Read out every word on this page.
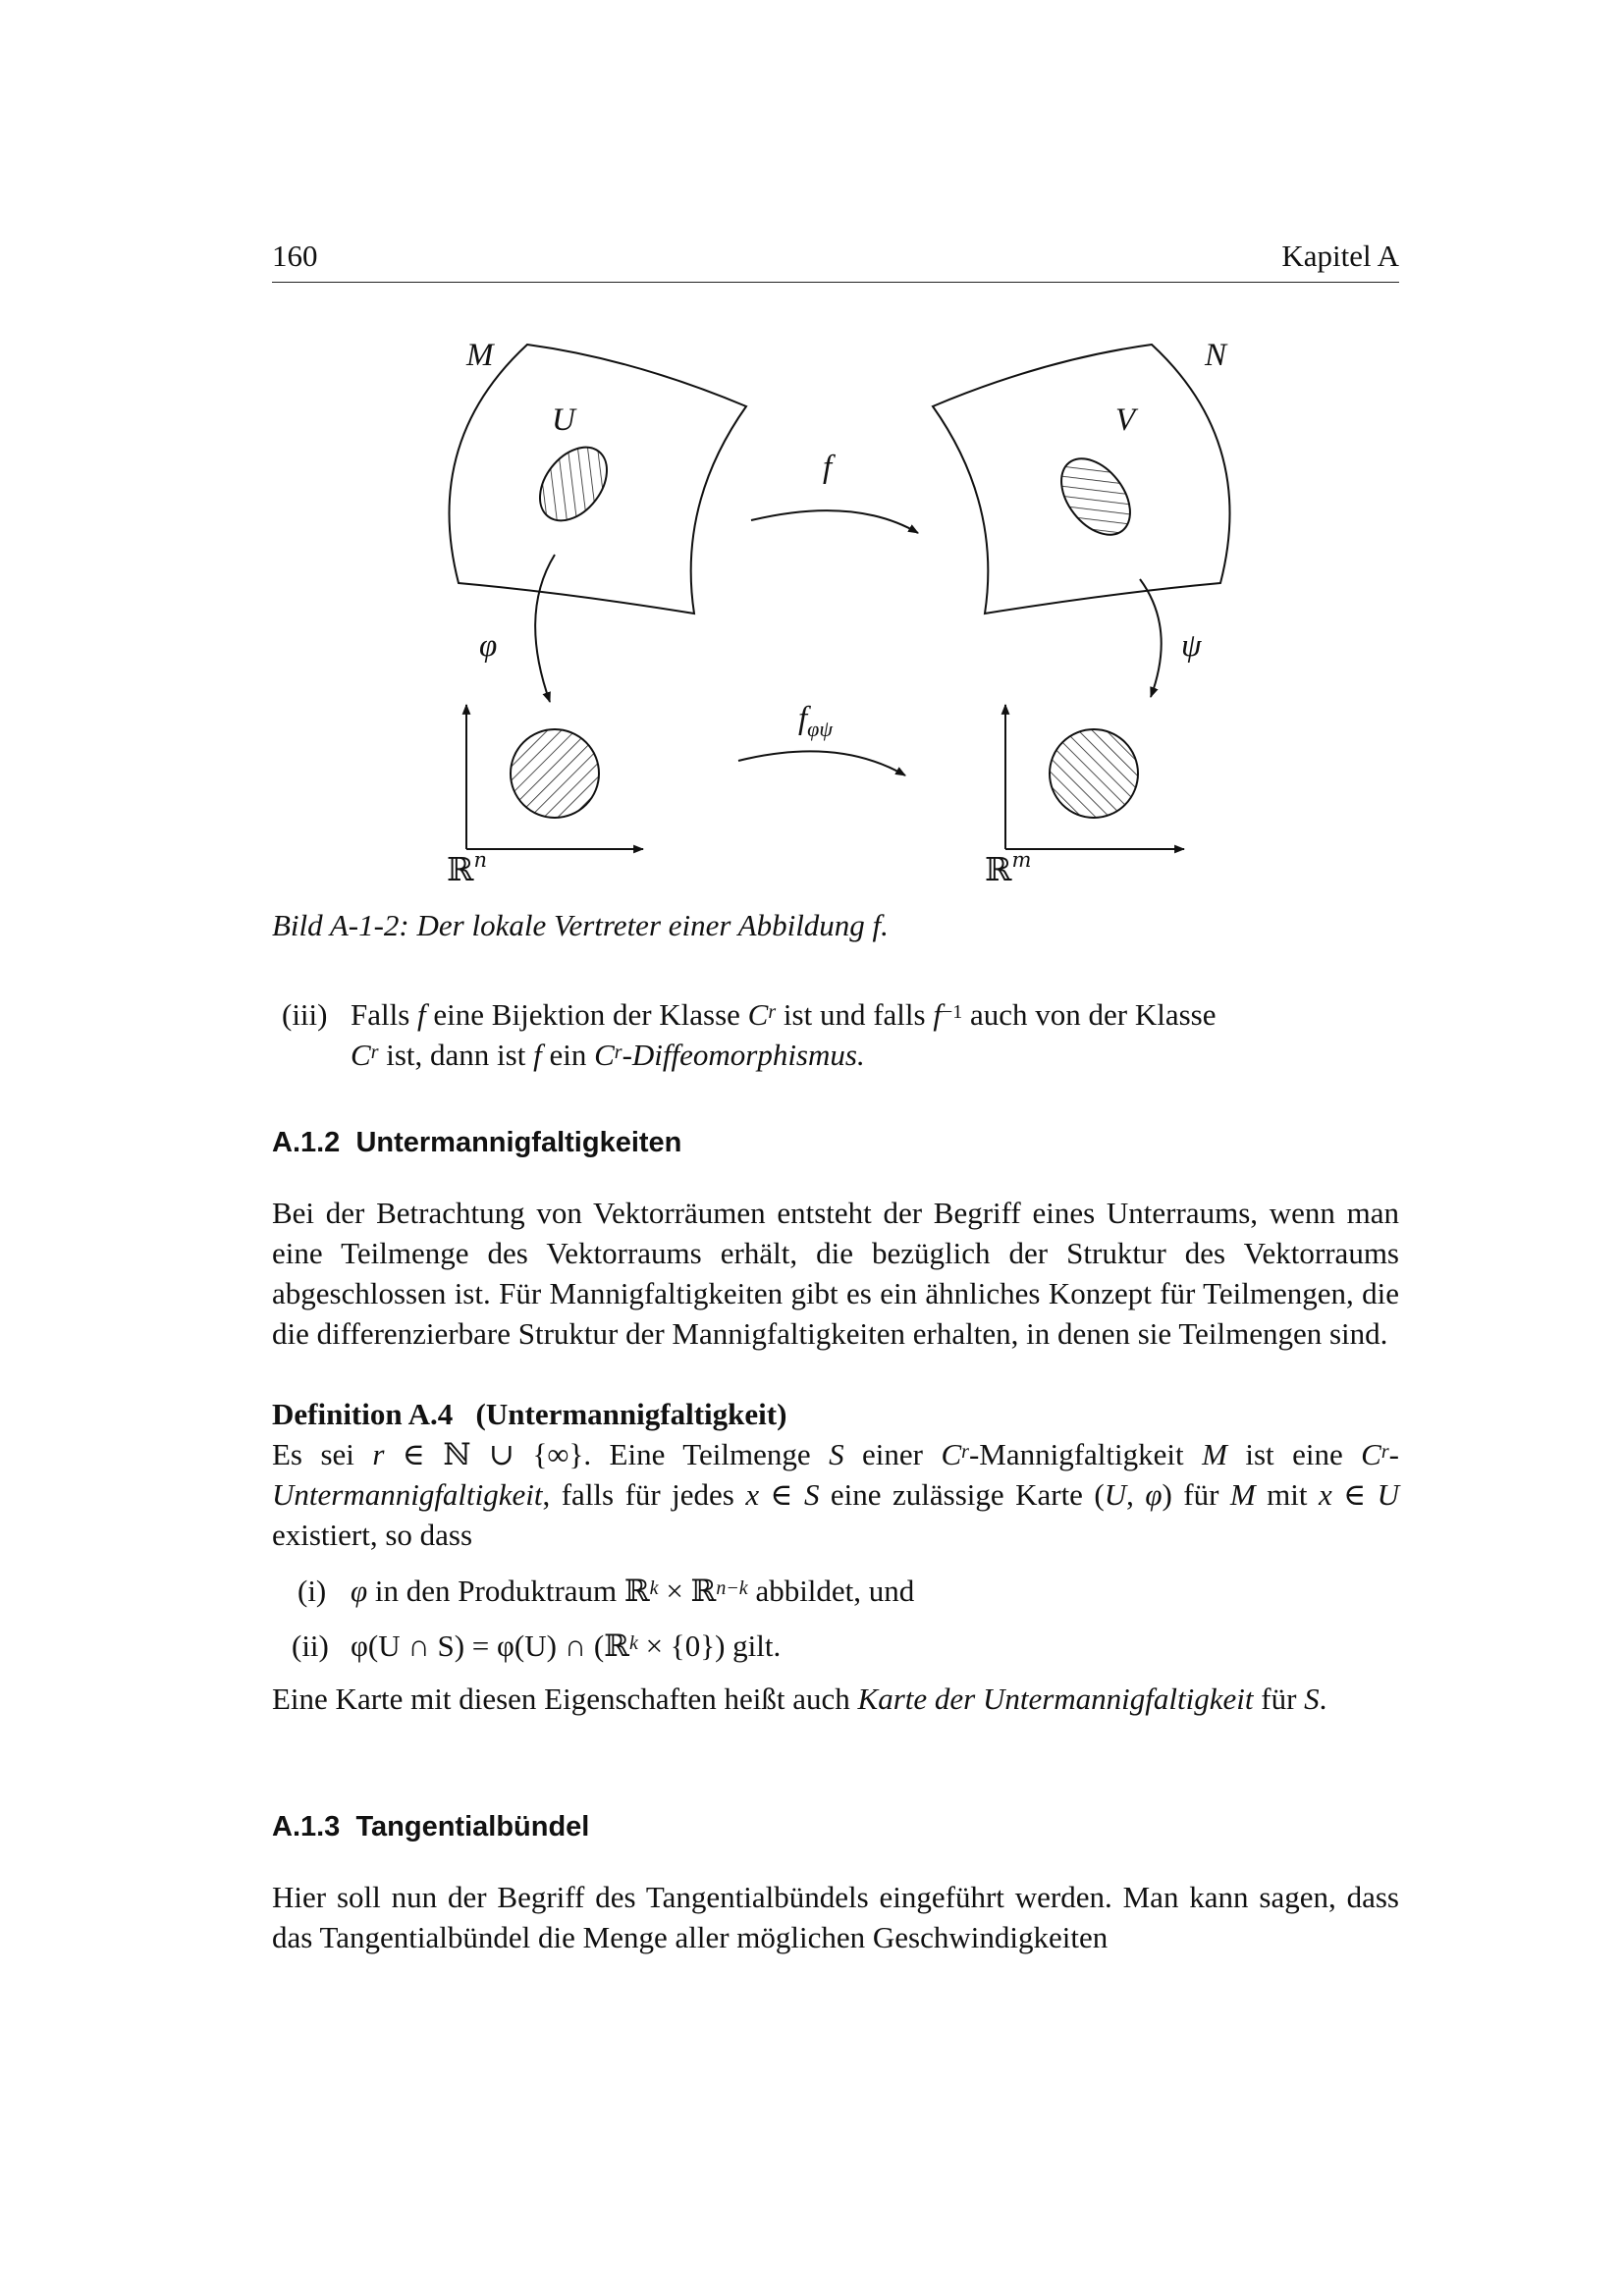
160	Kapitel A
M	N
U	V
f
φ	ψ
$f_{\varphi\psi}$
ℝ$^n$	ℝ$^m$
Bild A-1-2: Der lokale Vertreter einer Abbildung f.
(iii) Falls f eine Bijektion der Klasse $C^r$ ist und falls $f^{-1}$ auch von der Klasse
$C^r$ ist, dann ist f ein $C^r$-Diffeomorphismus.
A.1.2 Untermannigfaltigkeiten
Bei der Betrachtung von Vektorräumen entsteht der Begriff eines Unterraums, wenn man eine Teilmenge des Vektorraums erhält, die bezüglich der Struktur des Vektorraums abgeschlossen ist. Für Mannigfaltigkeiten gibt es ein ähnliches Konzept für Teilmengen, die die differenzierbare Struktur der Mannigfaltigkeiten erhalten, in denen sie Teilmengen sind.
Definition A.4 (Untermannigfaltigkeit)
Es sei r ∈ ℕ ∪ {∞}. Eine Teilmenge S einer $C^r$-Mannigfaltigkeit M ist eine $C^r$-Untermannigfaltigkeit, falls für jedes x ∈ S eine zulässige Karte (U, φ) für M mit x ∈ U existiert, so dass
(i) φ in den Produktraum ℝ$^k$ × ℝ$^{n-k}$ abbildet, und
(ii) φ(U ∩ S) = φ(U) ∩ (ℝ$^k$ × {0}) gilt.
Eine Karte mit diesen Eigenschaften heißt auch Karte der Untermannigfaltigkeit für S.
A.1.3 Tangentialbündel
Hier soll nun der Begriff des Tangentialbündels eingeführt werden. Man kann sagen, dass das Tangentialbündel die Menge aller möglichen Geschwindigkeiten
